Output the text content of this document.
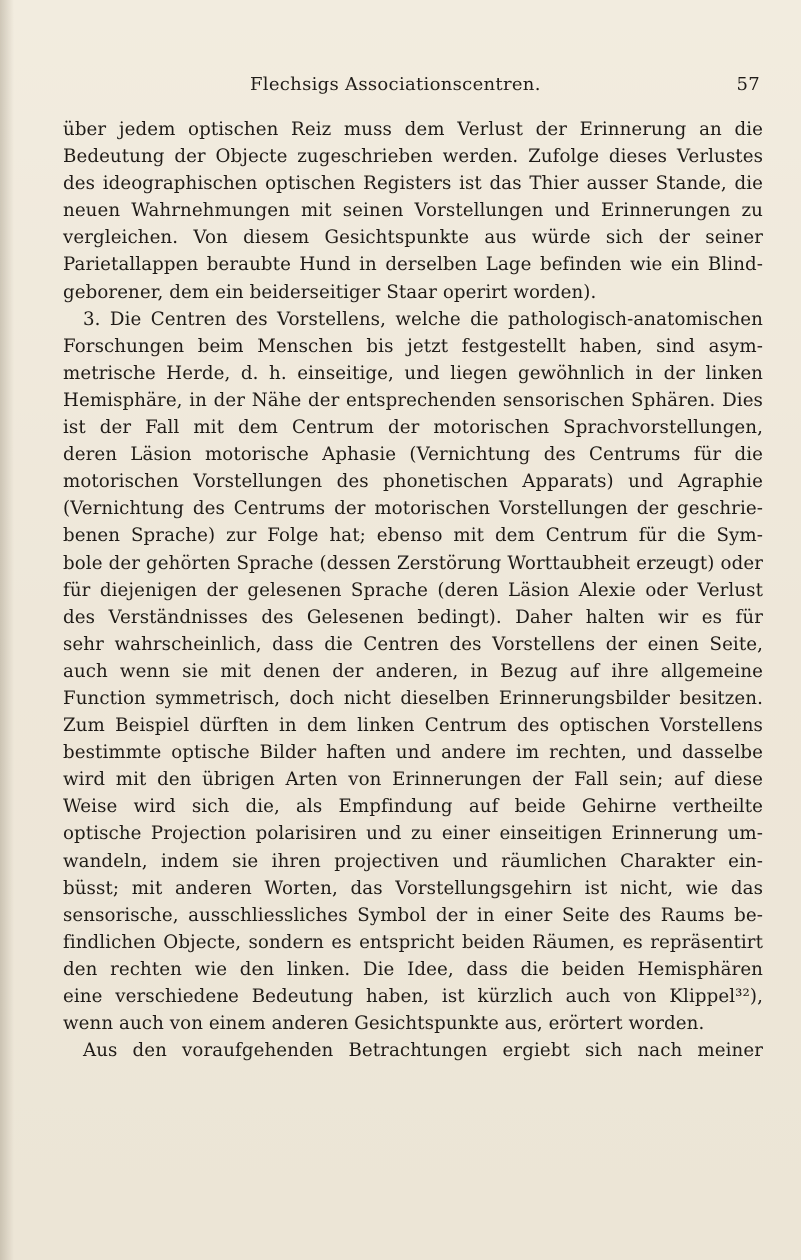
Flechsigs Associationscentren.	57
über jedem optischen Reiz muss dem Verlust der Erinnerung an die
Bedeutung der Objecte zugeschrieben werden. Zufolge dieses Verlustes
des ideographischen optischen Registers ist das Thier ausser Stande, die
neuen Wahrnehmungen mit seinen Vorstellungen und Erinnerungen zu
vergleichen. Von diesem Gesichtspunkte aus würde sich der seiner
Parietallappen beraubte Hund in derselben Lage befinden wie ein Blind-
geborener, dem ein beiderseitiger Staar operirt worden).
3. Die Centren des Vorstellens, welche die pathologisch-anatomischen
Forschungen beim Menschen bis jetzt festgestellt haben, sind asym-
metrische Herde, d. h. einseitige, und liegen gewöhnlich in der linken
Hemisphäre, in der Nähe der entsprechenden sensorischen Sphären. Dies
ist der Fall mit dem Centrum der motorischen Sprachvorstellungen,
deren Läsion motorische Aphasie (Vernichtung des Centrums für die
motorischen Vorstellungen des phonetischen Apparats) und Agraphie
(Vernichtung des Centrums der motorischen Vorstellungen der geschrie-
benen Sprache) zur Folge hat; ebenso mit dem Centrum für die Sym-
bole der gehörten Sprache (dessen Zerstörung Worttaubheit erzeugt) oder
für diejenigen der gelesenen Sprache (deren Läsion Alexie oder Verlust
des Verständnisses des Gelesenen bedingt). Daher halten wir es für
sehr wahrscheinlich, dass die Centren des Vorstellens der einen Seite,
auch wenn sie mit denen der anderen, in Bezug auf ihre allgemeine
Function symmetrisch, doch nicht dieselben Erinnerungsbilder besitzen.
Zum Beispiel dürften in dem linken Centrum des optischen Vorstellens
bestimmte optische Bilder haften und andere im rechten, und dasselbe
wird mit den übrigen Arten von Erinnerungen der Fall sein; auf diese
Weise wird sich die, als Empfindung auf beide Gehirne vertheilte
optische Projection polarisiren und zu einer einseitigen Erinnerung um-
wandeln, indem sie ihren projectiven und räumlichen Charakter ein-
büsst; mit anderen Worten, das Vorstellungsgehirn ist nicht, wie das
sensorische, ausschliessliches Symbol der in einer Seite des Raums be-
findlichen Objecte, sondern es entspricht beiden Räumen, es repräsentirt
den rechten wie den linken. Die Idee, dass die beiden Hemisphären
eine verschiedene Bedeutung haben, ist kürzlich auch von Klippel³²),
wenn auch von einem anderen Gesichtspunkte aus, erörtert worden.
Aus den voraufgehenden Betrachtungen ergiebt sich nach meiner
